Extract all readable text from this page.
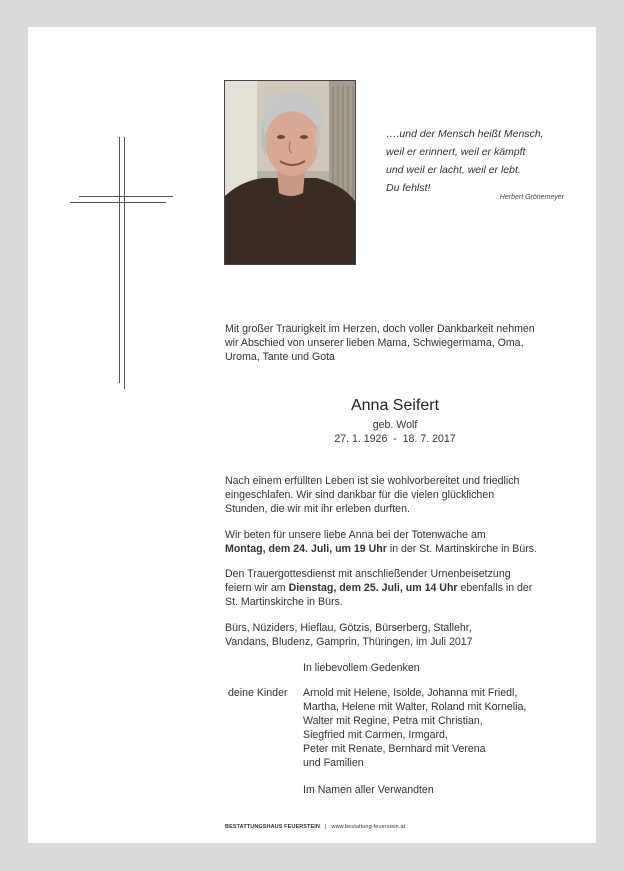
….und der Mensch heißt Mensch,
weil er erinnert, weil er kämpft
und weil er lacht, weil er lebt.
Du fehlst!
Herbert Grönemeyer
Mit großer Traurigkeit im Herzen, doch voller Dankbarkeit nehmen
wir Abschied von unserer lieben Mama, Schwiegermama, Oma,
Uroma, Tante und Gota
Anna Seifert
geb. Wolf
27. 1. 1926  -  18. 7. 2017
Nach einem erfüllten Leben ist sie wohlvorbereitet und friedlich
eingeschlafen. Wir sind dankbar für die vielen glücklichen
Stunden, die wir mit ihr erleben durften.
Wir beten für unsere liebe Anna bei der Totenwache am
Montag, dem 24. Juli, um 19 Uhr in der St. Martinskirche in Bürs.
Den Trauergottesdienst mit anschließender Urnenbeisetzung
feiern wir am Dienstag, dem 25. Juli, um 14 Uhr ebenfalls in der
St. Martinskirche in Bürs.
Bürs, Nüziders, Hieflau, Götzis, Bürserberg, Stallehr,
Vandans, Bludenz, Gamprin, Thüringen, im Juli 2017
In liebevollem Gedenken
deine Kinder	Arnold mit Helene, Isolde, Johanna mit Friedl,
Martha, Helene mit Walter, Roland mit Kornelia,
Walter mit Regine, Petra mit Christian,
Siegfried mit Carmen, Irmgard,
Peter mit Renate, Bernhard mit Verena
und Familien
Im Namen aller Verwandten
BESTATTUNGSHAUS FEUERSTEIN | www.bestattung-feuerstein.at
